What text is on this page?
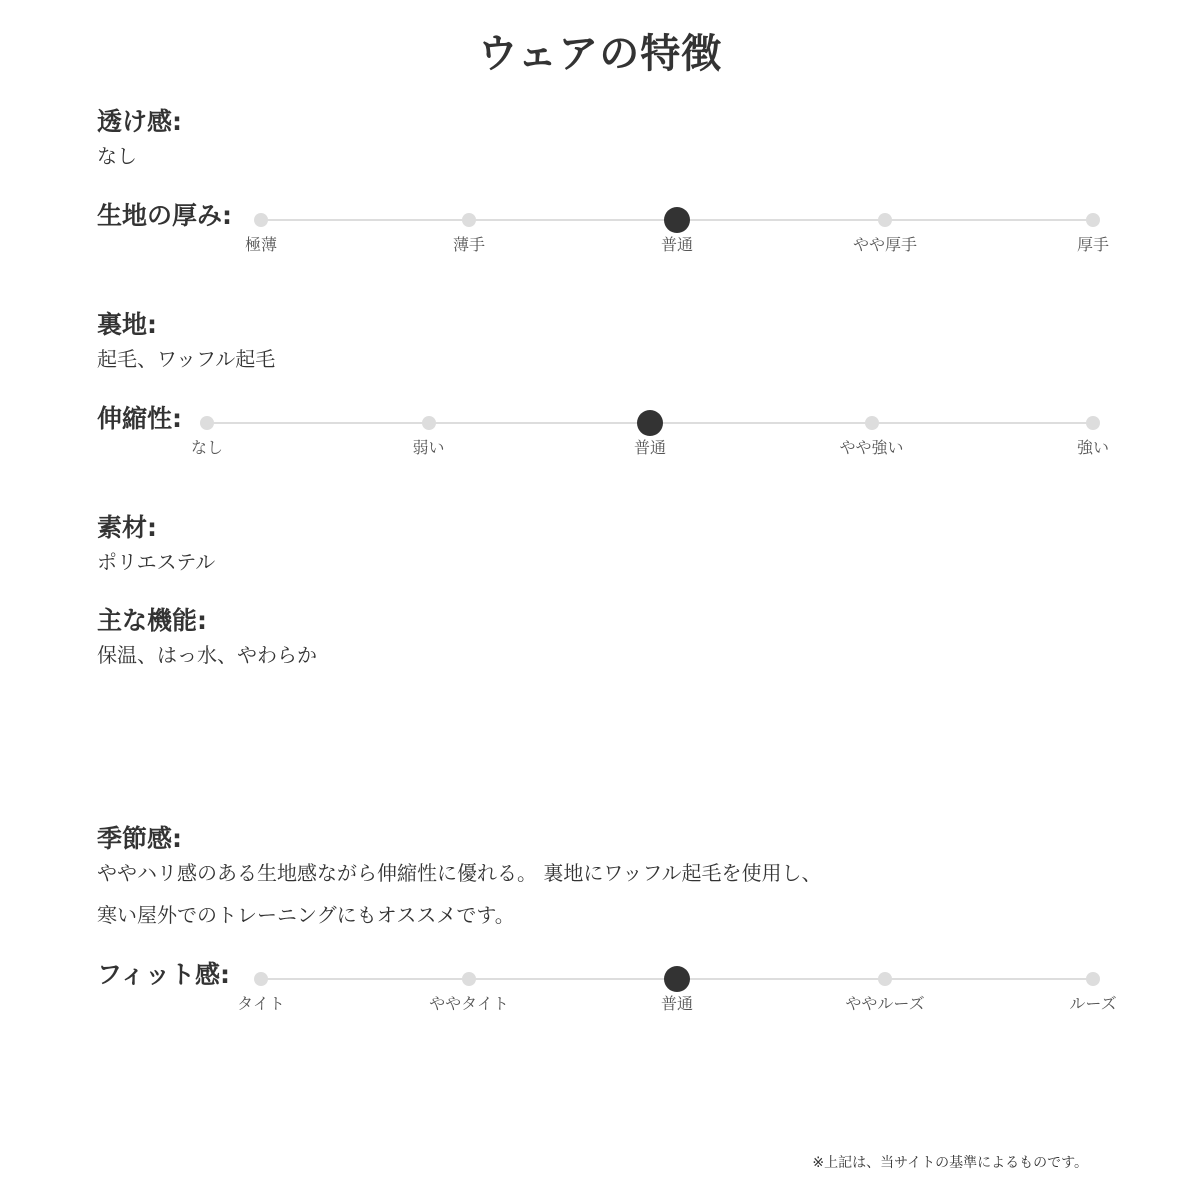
ウェアの特徴
透け感:
なし
生地の厚み:
極薄	薄手	普通	やや厚手	厚手
裏地:
起毛、ワッフル起毛
伸縮性:
なし	弱い	普通	やや強い	強い
素材:
ポリエステル
主な機能:
保温、はっ水、やわらか
季節感:
ややハリ感のある生地感ながら伸縮性に優れる。 裏地にワッフル起毛を使用し、
寒い屋外でのトレーニングにもオススメです。
フィット感:
タイト	ややタイト	普通	ややルーズ	ルーズ
※上記は、当サイトの基準によるものです。
